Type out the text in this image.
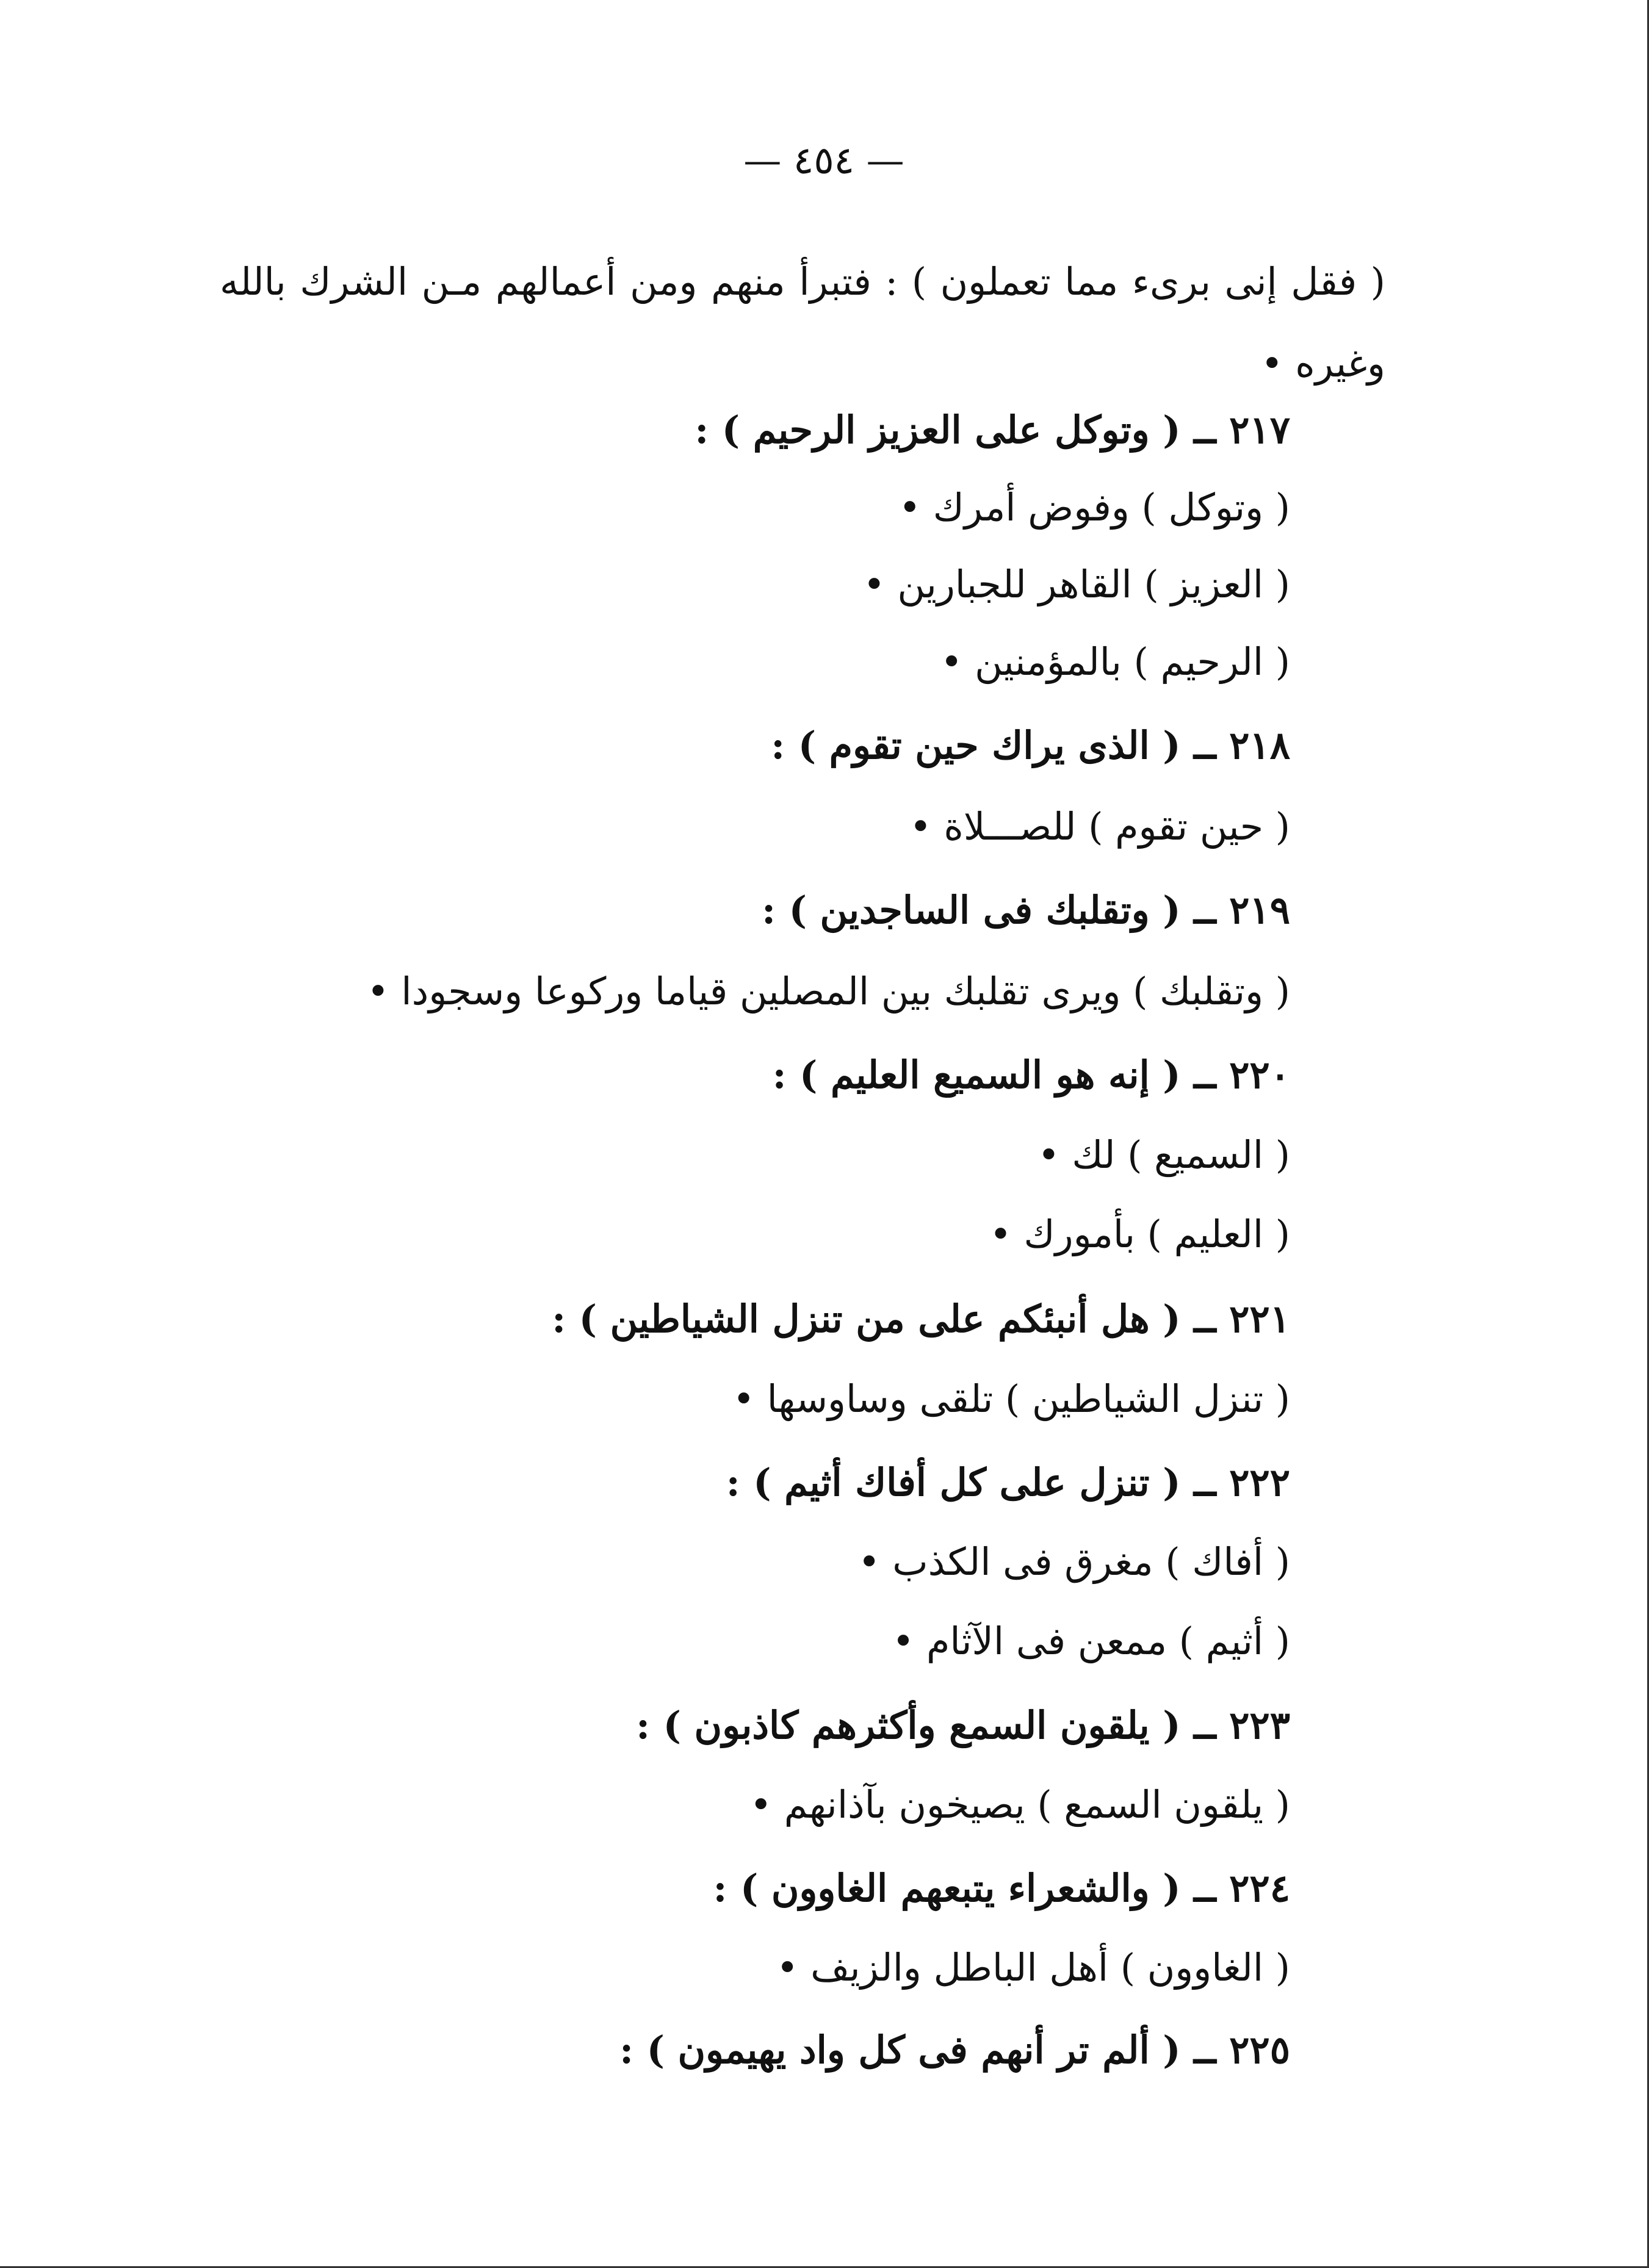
— ٤٥٤ —
( فقل إنى برىء مما تعملون ) : فتبرأ منهم ومن أعمالهم مـن الشرك بالله وغيره •
٢١٧ ــ ( وتوكل على العزيز الرحيم ) :
( وتوكل ) وفوض أمرك •
( العزيز ) القاهر للجبارين •
( الرحيم ) بالمؤمنين •
٢١٨ ــ ( الذى يراك حين تقوم ) :
( حين تقوم ) للصـــلاة •
٢١٩ ــ ( وتقلبك فى الساجدين ) :
( وتقلبك ) ويرى تقلبك بين المصلين قياما وركوعا وسجودا •
٢٢٠ ــ ( إنه هو السميع العليم ) :
( السميع ) لك •
( العليم ) بأمورك •
٢٢١ ــ ( هل أنبئكم على من تنزل الشياطين ) :
( تنزل الشياطين ) تلقى وساوسها •
٢٢٢ ــ ( تنزل على كل أفاك أثيم ) :
( أفاك ) مغرق فى الكذب •
( أثيم ) ممعن فى الآثام •
٢٢٣ ــ ( يلقون السمع وأكثرهم كاذبون ) :
( يلقون السمع ) يصيخون بآذانهم •
٢٢٤ ــ ( والشعراء يتبعهم الغاوون ) :
( الغاوون ) أهل الباطل والزيف •
٢٢٥ ــ ( ألم تر أنهم فى كل واد يهيمون ) :
